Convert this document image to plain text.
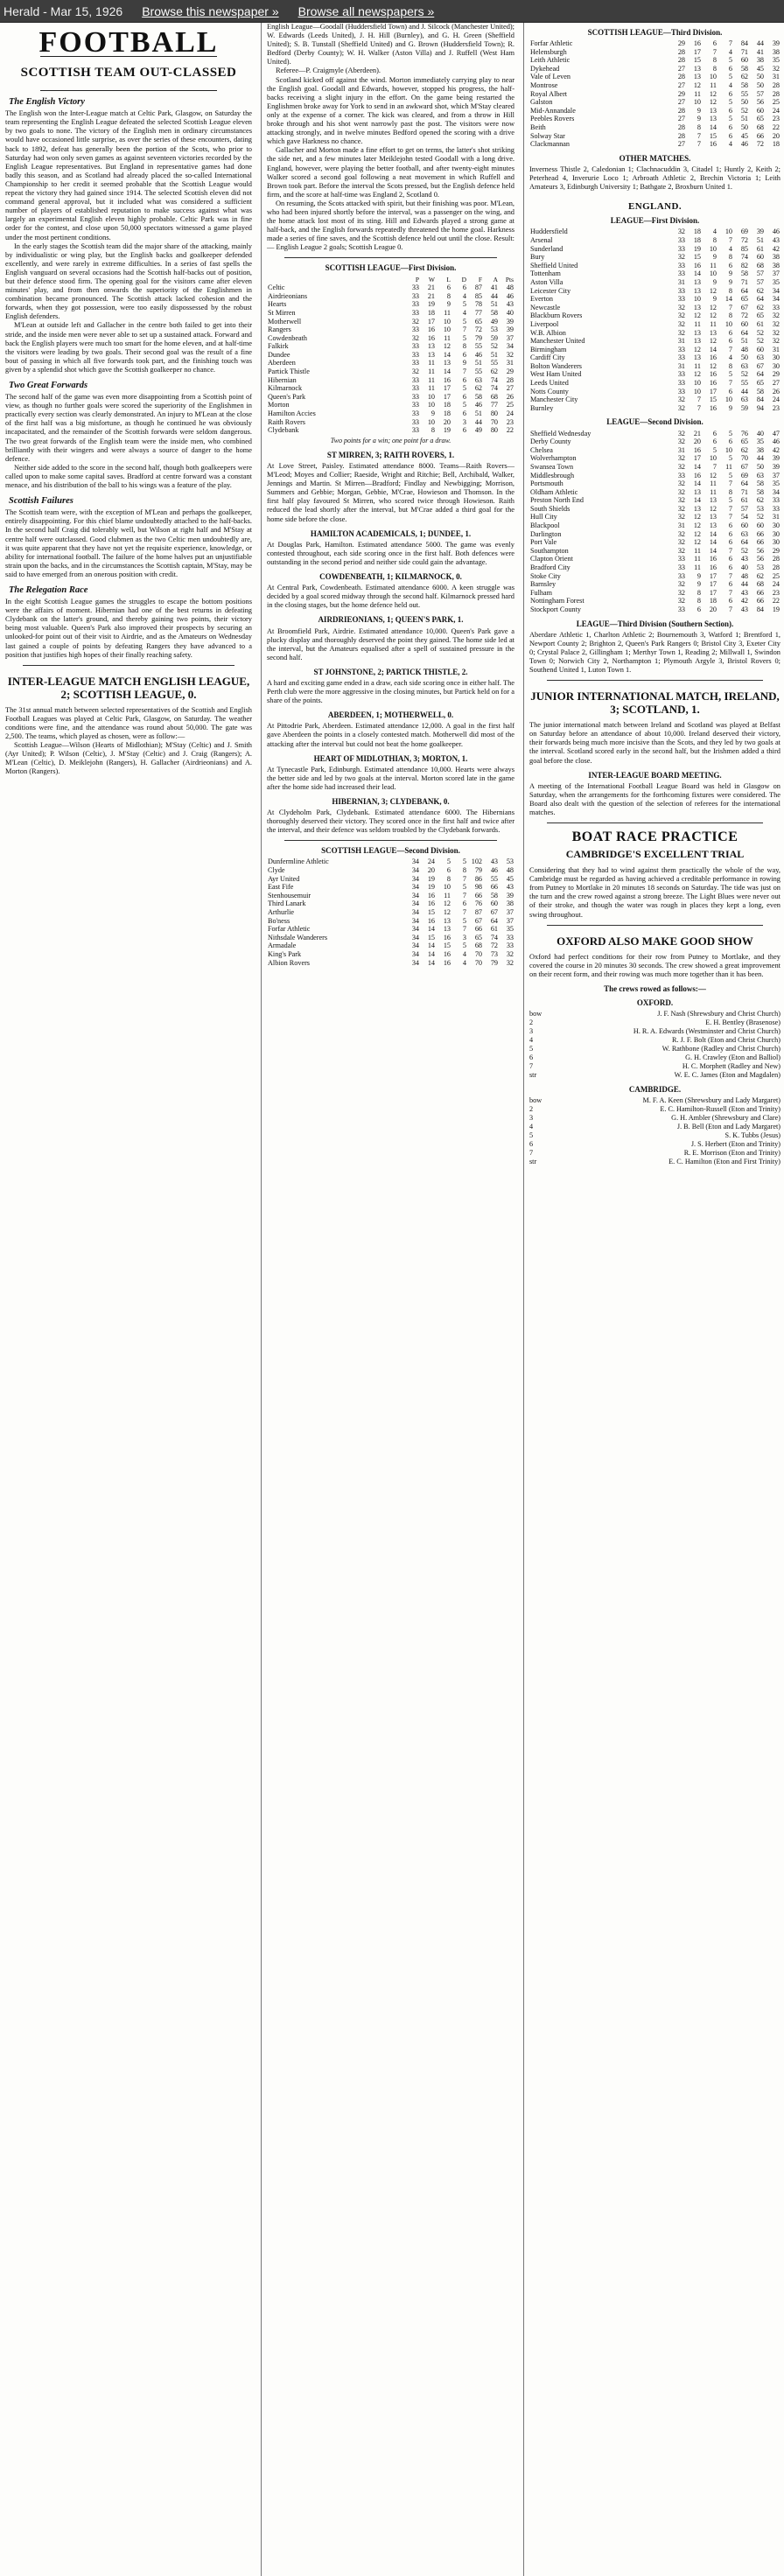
Herald - Mar 15, 1926 Browse this newspaper » Browse all newspapers »
FOOTBALL
SCOTTISH TEAM OUT-CLASSED
The English Victory

The English won the Inter-League match at Celtic Park, Glasgow, on Saturday the team representing the English League defeated the selected Scottish League eleven by two goals to none. The victory of the English men in ordinary circumstances would have occasioned little surprise, as over the series of these encounters, dating back to 1892, defeat has generally been the portion of the Scots, who prior to Saturday had won only seven games as against seventeen victories recorded by the English League representatives. But England in representative games had done badly this season, and as Scotland had already placed the so-called International Championship to her credit it seemed probable that the Scottish League would repeat the victory they had gained since 1914. The selected Scottish eleven did not command general approval, but it included what was considered a sufficient number of players of established reputation to make success against what was largely an experimental English eleven highly probable. Celtic Park was in fine order for the contest, and close upon 50,000 spectators witnessed a game played under the most pertinent conditions.

In the early stages the Scottish team did the major share of the attacking, mainly by individualistic or wing play, but the English backs and goalkeeper defended excellently, and were rarely in extreme difficulties. In a series of fast spells the English vanguard on several occasions had the Scottish half-backs out of position, but their defence stood firm. The opening goal for the visitors came after eleven minutes' play, and from then onwards the superiority of the Englishmen in combination became pronounced. The Scottish attack lacked cohesion and the forwards, when they got possession, were too easily dispossessed by the robust English defenders.

M'Lean at outside left and Gallacher in the centre both failed to get into their stride, and the inside men were never able to set up a sustained attack. Forward and back the English players were much too smart for the home eleven, and at half-time the visitors were leading by two goals. Their second goal was the result of a fine bout of passing in which all five forwards took part, and the finishing touch was given by a splendid shot which gave the Scottish goalkeeper no chance.

Two Great Forwards

The second half of the game was even more disappointing from a Scottish point of view, as though no further goals were scored the superiority of the Englishmen in practically every section was clearly demonstrated. An injury to M'Lean at the close of the first half was a big misfortune, as though he continued he was obviously incapacitated, and the remainder of the Scottish forwards were seldom dangerous. The two great forwards of the English team were the inside men, who combined brilliantly with their wingers and were always a source of danger to the home defence.

Neither side added to the score in the second half, though both goalkeepers were called upon to make some capital saves. Bradford at centre forward was a constant menace, and his distribution of the ball to his wings was a feature of the play.

Scottish Failures

The Scottish team were, with the exception of M'Lean and perhaps the goalkeeper, entirely disappointing. For this chief blame undoubtedly attached to the half-backs. In the second half Craig did tolerably well, but Wilson at right half and M'Stay at centre half were outclassed. Good clubmen as the two Celtic men undoubtedly are, it was quite apparent that they have not yet the requisite experience, knowledge, or ability for international football. The failure of the home halves put an unjustifiable strain upon the backs, and in the circumstances the Scottish captain, M'Stay, may be said to have emerged from an onerous position with credit.

The Relegation Race

In the eight Scottish League games the struggles to escape the bottom positions were the affairs of moment. Hibernian had one of the best returns in defeating Clydebank on the latter's ground, and thereby gaining two points, their victory being most valuable. Queen's Park also improved their prospects by securing an unlooked-for point out of their visit to Airdrie, and as the Amateurs on Wednesday last gained a couple of points by defeating Rangers they have advanced to a position that justifies high hopes of their finally reaching safety.

INTER-LEAGUE MATCH ENGLISH LEAGUE, 2; SCOTTISH LEAGUE, 0.

The 31st annual match between selected representatives of the Scottish and English Football Leagues was played at Celtic Park, Glasgow, on Saturday. The weather conditions were fine, and the attendance was round about 50,000. The gate was 2,500. The teams, which played as chosen, were as follow:—

Scottish League—Wilson (Hearts of Midlothian); M'Stay (Celtic) and J. Smith (Ayr United); P. Wilson (Celtic), J. M'Stay (Celtic) and J. Craig (Rangers); A. M'Lean (Celtic), D. Meiklejohn (Rangers), H. Gallacher (Airdrieonians) and A. Morton (Rangers).

English League—Goodall (Huddersfield Town) and J. Silcock (Manchester United); W. Edwards (Leeds United), J. H. Hill (Burnley), and G. H. Green (Sheffield United); S. B. Tunstall (Sheffield United) and G. Brown (Huddersfield Town); R. Bedford (Derby County); W. H. Walker (Aston Villa) and J. Ruffell (West Ham United).

Referee—P. Craigmyle (Aberdeen).

Scotland kicked off against the wind. Morton immediately carrying play to near the English goal. Goodall and Edwards, however, stopped his progress, the half-backs receiving a slight injury in the effort. On the game being restarted the Englishmen broke away for York to send in an awkward shot, which M'Stay cleared only at the expense of a corner. The kick was cleared, and from a throw in Hill broke through and his shot went narrowly past the post. The visitors were now attacking strongly, and in twelve minutes Bedford opened the scoring with a drive which gave Harkness no chance.

Gallacher and Morton made a fine effort to get on terms, the latter's shot striking the side net, and a few minutes later Meiklejohn tested Goodall with a long drive. England, however, were playing the better football, and after twenty-eight minutes Walker scored a second goal following a neat movement in which Ruffell and Brown took part. Before the interval the Scots pressed, but the English defence held firm, and the score at half-time was England 2, Scotland 0.

On resuming, the Scots attacked with spirit, but their finishing was poor. M'Lean, who had been injured shortly before the interval, was a passenger on the wing, and the home attack lost most of its sting. Hill and Edwards played a strong game at half-back, and the English forwards repeatedly threatened the home goal. Harkness made a series of fine saves, and the Scottish defence held out until the close. Result:— English League 2 goals; Scottish League 0.

SCOTTISH LEAGUE—First Division.
	P	W	L	D	F	A	Pts
Celtic	33	21	6	6	87	41	48
Airdrieonians	33	21	8	4	85	44	46
Hearts	33	19	9	5	78	51	43
St Mirren	33	18	11	4	77	58	40
Motherwell	32	17	10	5	65	49	39
Rangers	33	16	10	7	72	53	39
Cowdenbeath	32	16	11	5	79	59	37
Falkirk	33	13	12	8	55	52	34
Dundee	33	13	14	6	46	51	32
Aberdeen	33	11	13	9	51	55	31
Partick Thistle	32	11	14	7	55	62	29
Hibernian	33	11	16	6	63	74	28
Kilmarnock	33	11	17	5	62	74	27
Queen's Park	33	10	17	6	58	68	26
Morton	33	10	18	5	46	77	25
Hamilton Accies	33	9	18	6	51	80	24
Raith Rovers	33	10	20	3	44	70	23
Clydebank	33	8	19	6	49	80	22
Two points for a win; one point for a draw.
ST MIRREN, 3; RAITH ROVERS, 1.

At Love Street, Paisley. Estimated attendance 8000. Teams—Raith Rovers—M'Leod; Moyes and Collier; Raeside, Wright and Ritchie; Bell, Archibald, Walker, Jennings and Martin. St Mirren—Bradford; Findlay and Newbigging; Morrison, Summers and Gebbie; Morgan, Gebbie, M'Crae, Howieson and Thomson. In the first half play favoured St Mirren, who scored twice through Howieson. Raith reduced the lead shortly after the interval, but M'Crae added a third goal for the home side before the close.

HAMILTON ACADEMICALS, 1; DUNDEE, 1.

At Douglas Park, Hamilton. Estimated attendance 5000. The game was evenly contested throughout, each side scoring once in the first half. Both defences were outstanding in the second period and neither side could gain the advantage.

COWDENBEATH, 1; KILMARNOCK, 0.

At Central Park, Cowdenbeath. Estimated attendance 6000. A keen struggle was decided by a goal scored midway through the second half. Kilmarnock pressed hard in the closing stages, but the home defence held out.

AIRDRIEONIANS, 1; QUEEN'S PARK, 1.

At Broomfield Park, Airdrie. Estimated attendance 10,000. Queen's Park gave a plucky display and thoroughly deserved the point they gained. The home side led at the interval, but the Amateurs equalised after a spell of sustained pressure in the second half.

ST JOHNSTONE, 2; PARTICK THISTLE, 2.

A hard and exciting game ended in a draw, each side scoring once in either half. The Perth club were the more aggressive in the closing minutes, but Partick held on for a share of the points.

ABERDEEN, 1; MOTHERWELL, 0.

At Pittodrie Park, Aberdeen. Estimated attendance 12,000. A goal in the first half gave Aberdeen the points in a closely contested match. Motherwell did most of the attacking after the interval but could not beat the home goalkeeper.

HEART OF MIDLOTHIAN, 3; MORTON, 1.

At Tynecastle Park, Edinburgh. Estimated attendance 10,000. Hearts were always the better side and led by two goals at the interval. Morton scored late in the game after the home side had increased their lead.

HIBERNIAN, 3; CLYDEBANK, 0.

At Clydeholm Park, Clydebank. Estimated attendance 6000. The Hibernians thoroughly deserved their victory. They scored once in the first half and twice after the interval, and their defence was seldom troubled by the Clydebank forwards.

SCOTTISH LEAGUE—Second Division.
Dunfermline Athletic	34	24	5	5	102	43	53
Clyde	34	20	6	8	79	46	48
Ayr United	34	19	8	7	86	55	45
East Fife	34	19	10	5	98	66	43
Stenhousemuir	34	16	11	7	66	58	39
Third Lanark	34	16	12	6	76	60	38
Arthurlie	34	15	12	7	87	67	37
Bo'ness	34	16	13	5	67	64	37
Forfar Athletic	34	14	13	7	66	61	35
Nithsdale Wanderers	34	15	16	3	65	74	33
Armadale	34	14	15	5	68	72	33
King's Park	34	14	16	4	70	73	32
Albion Rovers	34	14	16	4	70	79	32
SCOTTISH LEAGUE—Third Division.
Forfar Athletic	29	16	6	7	84	44	39
Helensburgh	28	17	7	4	71	41	38
Leith Athletic	28	15	8	5	60	38	35
Dykehead	27	13	8	6	58	45	32
Vale of Leven	28	13	10	5	62	50	31
Montrose	27	12	11	4	58	50	28
Royal Albert	29	11	12	6	55	57	28
Galston	27	10	12	5	50	56	25
Mid-Annandale	28	9	13	6	52	60	24
Peebles Rovers	27	9	13	5	51	65	23
Beith	28	8	14	6	50	68	22
Solway Star	28	7	15	6	45	66	20
Clackmannan	27	7	16	4	46	72	18
OTHER MATCHES.

Inverness Thistle 2, Caledonian 1; Clachnacuddin 3, Citadel 1; Huntly 2, Keith 2; Peterhead 4, Inverurie Loco 1; Arbroath Athletic 2, Brechin Victoria 1; Leith Amateurs 3, Edinburgh University 1; Bathgate 2, Broxburn United 1.

ENGLAND.
LEAGUE—First Division.
Huddersfield	32	18	4	10	69	39	46
Arsenal	33	18	8	7	72	51	43
Sunderland	33	19	10	4	85	61	42
Bury	32	15	9	8	74	60	38
Sheffield United	33	16	11	6	82	68	38
Tottenham	33	14	10	9	58	57	37
Aston Villa	31	13	9	9	71	57	35
Leicester City	33	13	12	8	64	62	34
Everton	33	10	9	14	65	64	34
Newcastle	32	13	12	7	67	62	33
Blackburn Rovers	32	12	12	8	72	65	32
Liverpool	32	11	11	10	60	61	32
W.B. Albion	32	13	13	6	64	52	32
Manchester United	31	13	12	6	51	52	32
Birmingham	33	12	14	7	48	60	31
Cardiff City	33	13	16	4	50	63	30
Bolton Wanderers	31	11	12	8	63	67	30
West Ham United	33	12	16	5	52	64	29
Leeds United	33	10	16	7	55	65	27
Notts County	33	10	17	6	44	58	26
Manchester City	32	7	15	10	63	84	24
Burnley	32	7	16	9	59	94	23
LEAGUE—Second Division.
Sheffield Wednesday	32	21	6	5	76	40	47
Derby County	32	20	6	6	65	35	46
Chelsea	31	16	5	10	62	38	42
Wolverhampton	32	17	10	5	70	44	39
Swansea Town	32	14	7	11	67	50	39
Middlesbrough	33	16	12	5	69	63	37
Portsmouth	32	14	11	7	64	58	35
Oldham Athletic	32	13	11	8	71	58	34
Preston North End	32	14	13	5	61	62	33
South Shields	32	13	12	7	57	53	33
Hull City	32	12	13	7	54	52	31
Blackpool	31	12	13	6	60	60	30
Darlington	32	12	14	6	63	66	30
Port Vale	32	12	14	6	64	66	30
Southampton	32	11	14	7	52	56	29
Clapton Orient	33	11	16	6	43	56	28
Bradford City	33	11	16	6	40	53	28
Stoke City	33	9	17	7	48	62	25
Barnsley	32	9	17	6	44	68	24
Fulham	32	8	17	7	43	66	23
Nottingham Forest	32	8	18	6	42	66	22
Stockport County	33	6	20	7	43	84	19
LEAGUE—Third Division (Southern Section).

Aberdare Athletic 1, Charlton Athletic 2; Bournemouth 3, Watford 1; Brentford 1, Newport County 2; Brighton 2, Queen's Park Rangers 0; Bristol City 3, Exeter City 0; Crystal Palace 2, Gillingham 1; Merthyr Town 1, Reading 2; Millwall 1, Swindon Town 0; Norwich City 2, Northampton 1; Plymouth Argyle 3, Bristol Rovers 0; Southend United 1, Luton Town 1.

JUNIOR INTERNATIONAL MATCH, IRELAND, 3; SCOTLAND, 1.

The junior international match between Ireland and Scotland was played at Belfast on Saturday before an attendance of about 10,000. Ireland deserved their victory, their forwards being much more incisive than the Scots, and they led by two goals at the interval. Scotland scored early in the second half, but the Irishmen added a third goal before the close.

INTER-LEAGUE BOARD MEETING.

A meeting of the International Football League Board was held in Glasgow on Saturday, when the arrangements for the forthcoming fixtures were considered. The Board also dealt with the question of the selection of referees for the international matches.

BOAT RACE PRACTICE
CAMBRIDGE'S EXCELLENT TRIAL

Considering that they had to wind against them practically the whole of the way, Cambridge must be regarded as having achieved a creditable performance in rowing from Putney to Mortlake in 20 minutes 18 seconds on Saturday. The tide was just on the turn and the crew rowed against a strong breeze. The Light Blues were never out of their stroke, and though the water was rough in places they kept a long, even swing throughout.

OXFORD ALSO MAKE GOOD SHOW

Oxford had perfect conditions for their row from Putney to Mortlake, and they covered the course in 20 minutes 30 seconds. The crew showed a great improvement on their recent form, and their rowing was much more together than it has been.

The crews rowed as follows:—
OXFORD.
bow	J. F. Nash (Shrewsbury and Christ Church)
2	E. H. Bentley (Brasenose)
3	H. R. A. Edwards (Westminster and Christ Church)
4	R. J. F. Bolt (Eton and Christ Church)
5	W. Rathbone (Radley and Christ Church)
6	G. H. Crawley (Eton and Balliol)
7	H. C. Morphett (Radley and New)
str	W. E. C. James (Eton and Magdalen)
CAMBRIDGE.
bow	M. F. A. Keen (Shrewsbury and Lady Margaret)
2	E. C. Hamilton-Russell (Eton and Trinity)
3	G. H. Ambler (Shrewsbury and Clare)
4	J. B. Bell (Eton and Lady Margaret)
5	S. K. Tubbs (Jesus)
6	J. S. Herbert (Eton and Trinity)
7	R. E. Morrison (Eton and Trinity)
str	E. C. Hamilton (Eton and First Trinity)
